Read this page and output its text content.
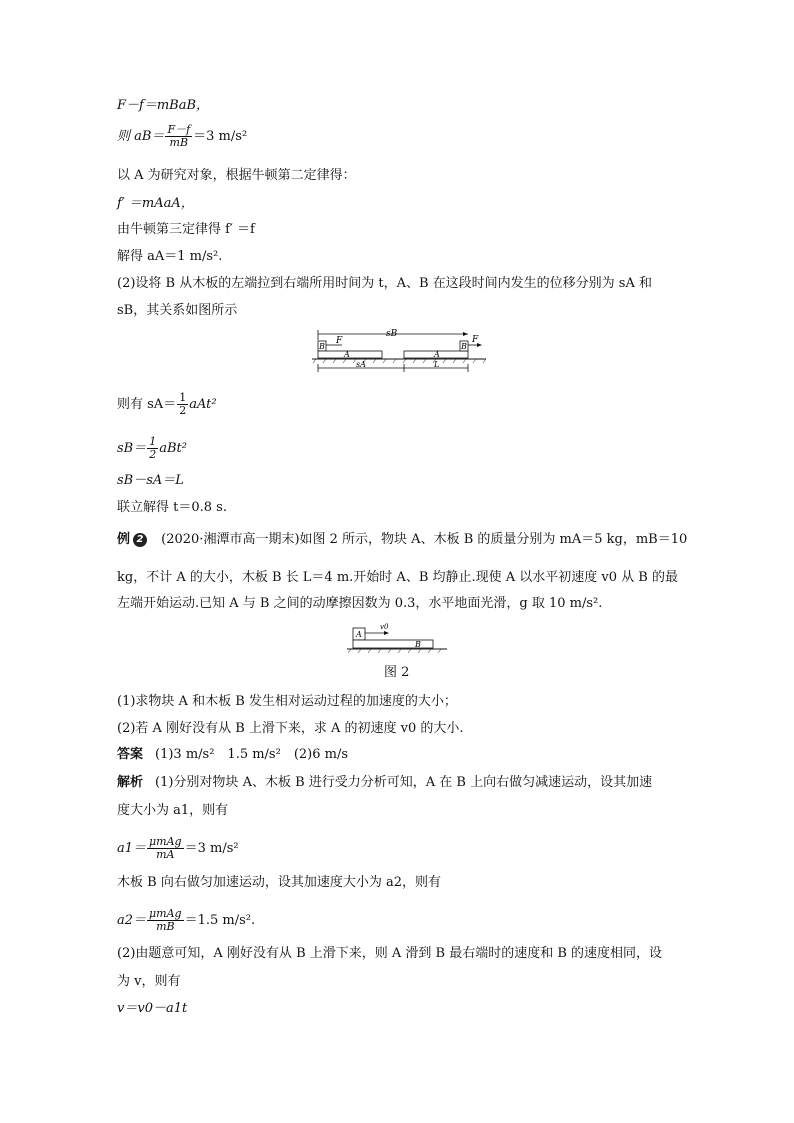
F－f＝mBaB，
则 $aB= \frac{F-f}{mB} =3$ m/s²
以 A 为研究对象，根据牛顿第二定律得：
f′ ＝mAaA，
由牛顿第三定律得 f′ ＝f
解得 aA＝1 m/s².
(2)设将 B 从木板的左端拉到右端所用时间为 t，A、B 在这段时间内发生的位移分别为 sA 和
sB，其关系如图所示
sB
B
F
A	A
B
F
sA	L
则有 $sA= \frac{1}{2} aAt^2$
$sB= \frac{1}{2} aBt^2$
sB－sA＝L
联立解得 t＝0.8 s.
例 2 (2020·湘潭市高一期末)如图 2 所示，物块 A、木板 B 的质量分别为 mA＝5 kg，mB＝10
kg，不计 A 的大小，木板 B 长 L＝4 m.开始时 A、B 均静止.现使 A 以水平初速度 v0 从 B 的最
左端开始运动.已知 A 与 B 之间的动摩擦因数为 0.3，水平地面光滑，g 取 10 m/s².
A
v0
B
图 2
(1)求物块 A 和木板 B 发生相对运动过程的加速度的大小；
(2)若 A 刚好没有从 B 上滑下来，求 A 的初速度 v0 的大小.
答案 (1)3 m/s²　1.5 m/s²　(2)6 m/s
解析 (1)分别对物块 A、木板 B 进行受力分析可知，A 在 B 上向右做匀减速运动，设其加速
度大小为 a1，则有
$a1= \frac{\text{μmAg}}{mA} =3$ m/s²
木板 B 向右做匀加速运动，设其加速度大小为 a2，则有
$a2= \frac{\text{μmAg}}{mB} =1.5$ m/s².
(2)由题意可知，A 刚好没有从 B 上滑下来，则 A 滑到 B 最右端时的速度和 B 的速度相同，设
为 v，则有
v＝v0－a1t
